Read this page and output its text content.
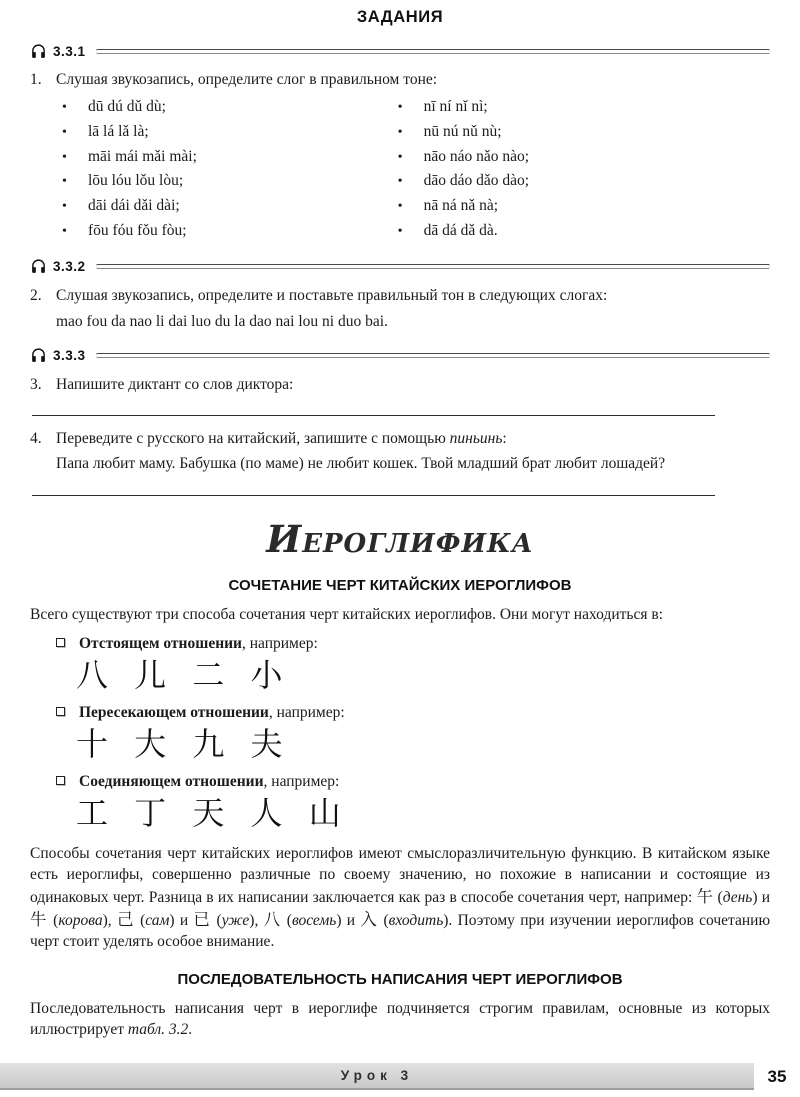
ЗАДАНИЯ
3.3.1
1. Слушая звукозапись, определите слог в правильном тоне:
•	dū dú dǔ dù;
•	lā lá lǎ là;
•	māi mái mǎi mài;
•	lōu lóu lǒu lòu;
•	dāi dái dǎi dài;
•	fōu fóu fǒu fòu;
•	nī ní nǐ nì;
•	nū nú nǔ nù;
•	nāo náo nǎo nào;
•	dāo dáo dǎo dào;
•	nā ná nǎ nà;
•	dā dá dǎ dà.
3.3.2
2. Слушая звукозапись, определите и поставьте правильный тон в следующих слогах:
mao fou da nao li dai luo du la dao nai lou ni duo bai.
3.3.3
3. Напишите диктант со слов диктора:
4. Переведите с русского на китайский, запишите с помощью пиньинь:
Папа любит маму. Бабушка (по маме) не любит кошек. Твой младший брат любит лошадей?
ИЕРОГЛИФИКА
СОЧЕТАНИЕ ЧЕРТ КИТАЙСКИХ ИЕРОГЛИФОВ

Всего существуют три способа сочетания черт китайских иероглифов. Они могут находиться в:

Отстоящем отношении, например:
八 儿 二 小
Пересекающем отношении, например:
十 大 九 夫
Соединяющем отношении, например:
工 丁 天 人 山

Способы сочетания черт китайских иероглифов имеют смыслоразличительную функцию. В китайском языке есть иероглифы, совершенно различные по своему значению, но похожие в написании и состоящие из одинаковых черт. Разница в их написании заключается как раз в способе сочетания черт, например: 午 (день) и 牛 (корова), 己 (сам) и 已 (уже), 八 (восемь) и 入 (входить). Поэтому при изучении иероглифов сочетанию черт стоит уделять особое внимание.

ПОСЛЕДОВАТЕЛЬНОСТЬ НАПИСАНИЯ ЧЕРТ ИЕРОГЛИФОВ

Последовательность написания черт в иероглифе подчиняется строгим правилам, основные из которых иллюстрирует табл. 3.2.

Урок 3	35
